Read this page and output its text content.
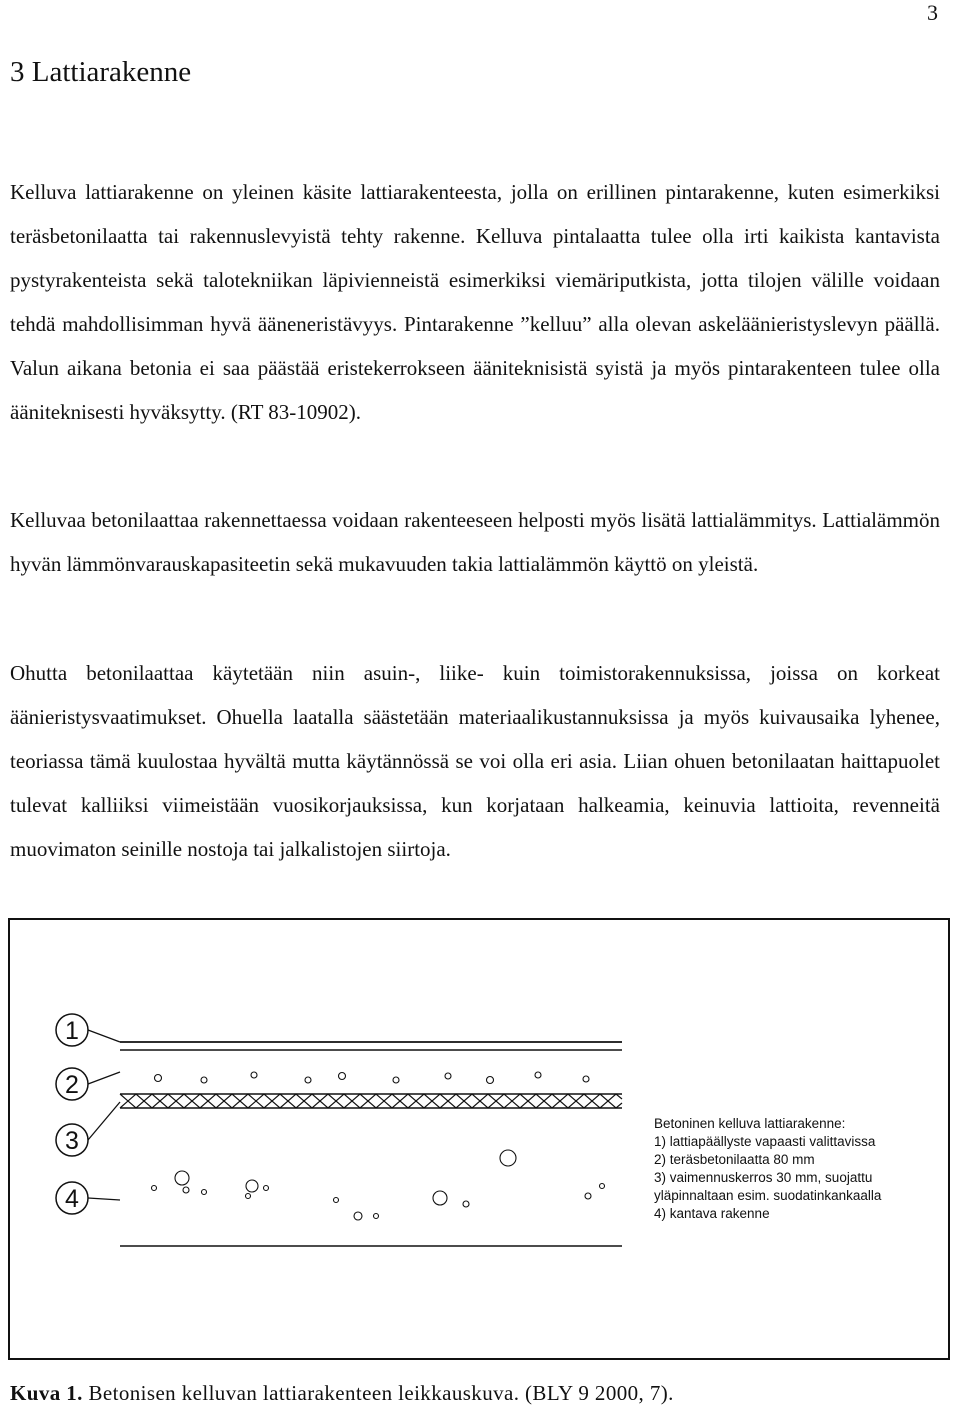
3
3 Lattiarakenne

Kelluva lattiarakenne on yleinen käsite lattiarakenteesta, jolla on erillinen pintarakenne, kuten esimerkiksi teräsbetonilaatta tai rakennuslevyistä tehty rakenne. Kelluva pintalaatta tulee olla irti kaikista kantavista pystyrakenteista sekä talotekniikan läpivienneistä esimerkiksi viemäriputkista, jotta tilojen välille voidaan tehdä mahdollisimman hyvä ääneneristävyys. Pintarakenne ”kelluu” alla olevan askeläänieristyslevyn päällä. Valun aikana betonia ei saa päästää eristekerrokseen ääniteknisistä syistä ja myös pintarakenteen tulee olla ääniteknisesti hyväksytty. (RT 83-10902).

Kelluvaa betonilaattaa rakennettaessa voidaan rakenteeseen helposti myös lisätä lattialämmitys. Lattialämmön hyvän lämmönvarauskapasiteetin sekä mukavuuden takia lattialämmön käyttö on yleistä.

Ohutta betonilaattaa käytetään niin asuin-, liike- kuin toimistorakennuksissa, joissa on korkeat äänieristysvaatimukset. Ohuella laatalla säästetään materiaalikustannuksissa ja myös kuivausaika lyhenee, teoriassa tämä kuulostaa hyvältä mutta käytännössä se voi olla eri asia. Liian ohuen betonilaatan haittapuolet tulevat kalliiksi viimeistään vuosikorjauksissa, kun korjataan halkeamia, keinuvia lattioita, revenneitä muovimaton seinille nostoja tai jalkalistojen siirtoja.

1
2
3
4
Betoninen kelluva lattiarakenne:
1) lattiapäällyste vapaasti valittavissa
2) teräsbetonilaatta 80 mm
3) vaimennuskerros 30 mm, suojattu
yläpinnaltaan esim. suodatinkankaalla
4) kantava rakenne

Kuva 1. Betonisen kelluvan lattiarakenteen leikkauskuva. (BLY 9 2000, 7).
